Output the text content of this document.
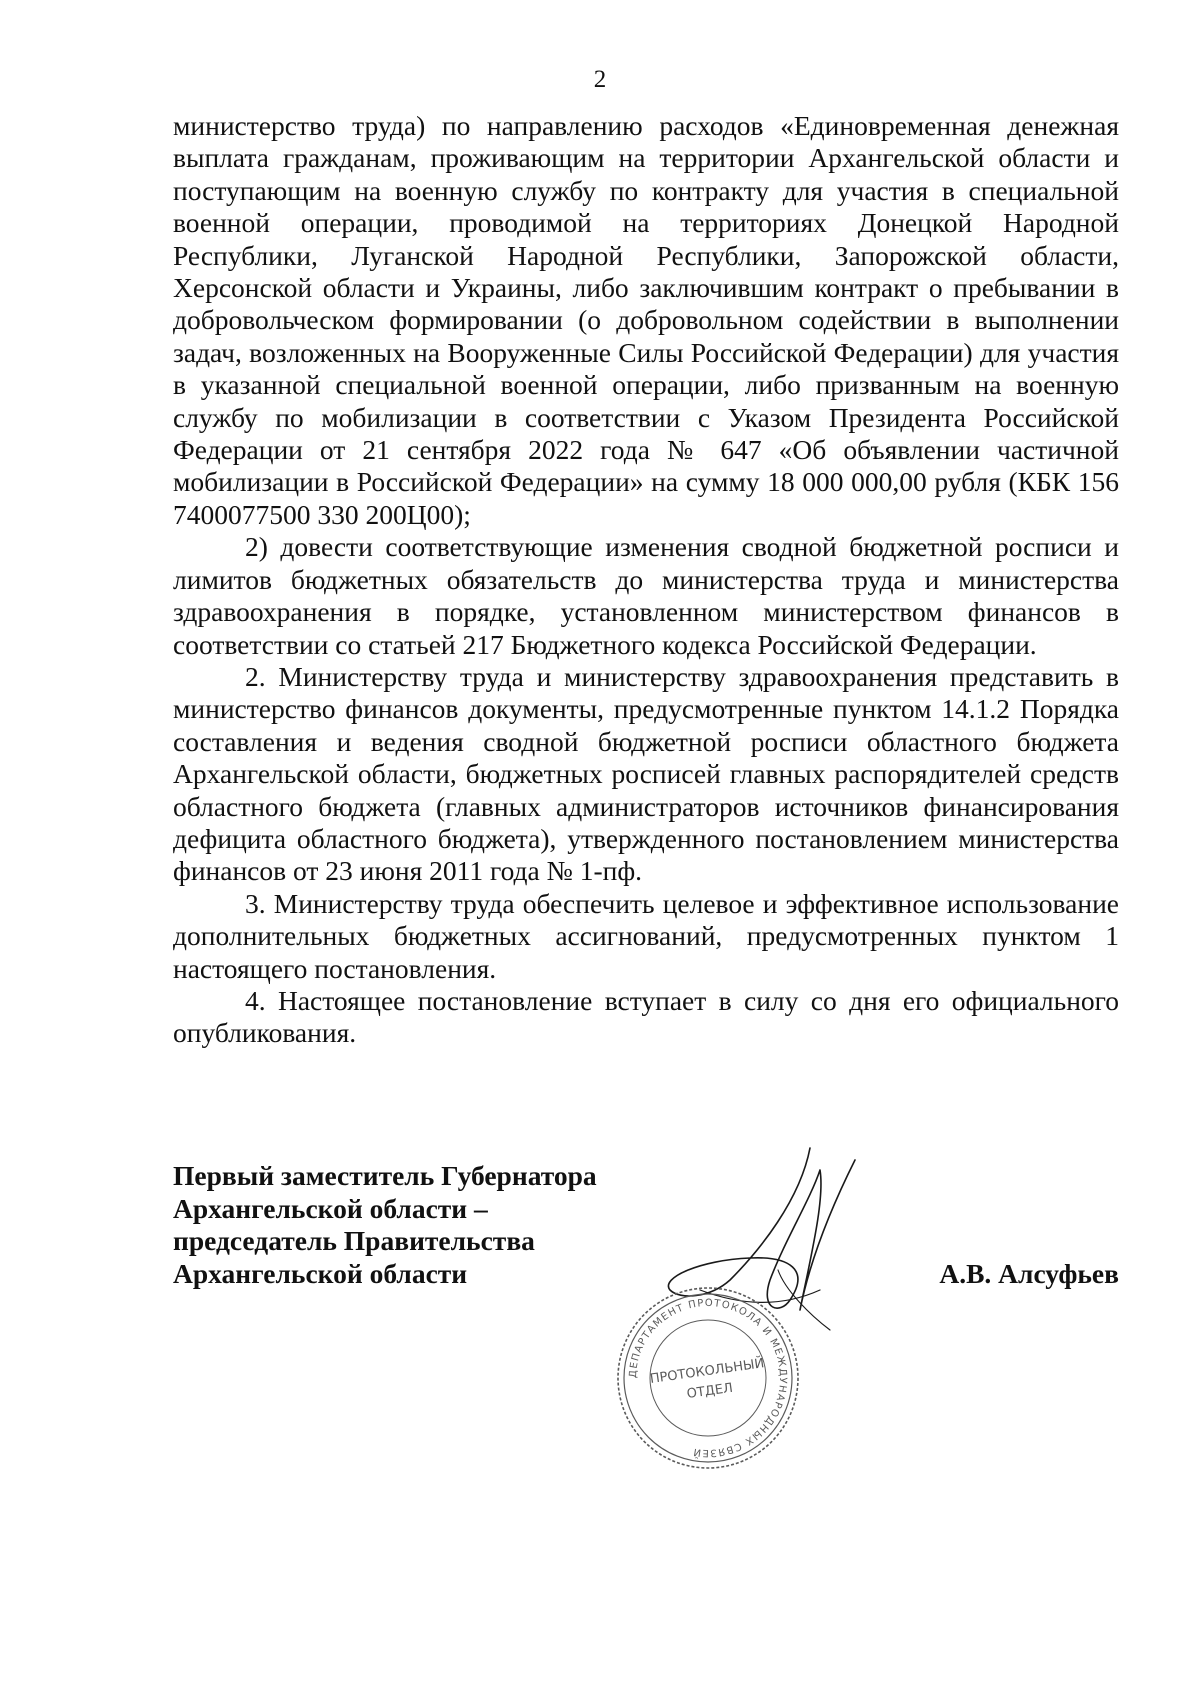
2

министерство труда) по направлению расходов «Единовременная денежная выплата гражданам, проживающим на территории Архангельской области и поступающим на военную службу по контракту для участия в специальной военной операции, проводимой на территориях Донецкой Народной Республики, Луганской Народной Республики, Запорожской области, Херсонской области и Украины, либо заключившим контракт о пребывании в добровольческом формировании (о добровольном содействии в выполнении задач, возложенных на Вооруженные Силы Российской Федерации) для участия в указанной специальной военной операции, либо призванным на военную службу по мобилизации в соответствии с Указом Президента Российской Федерации от 21 сентября 2022 года № 647 «Об объявлении частичной мобилизации в Российской Федерации» на сумму 18 000 000,00 рубля (КБК 156 7400077500 330 200Ц00);

2) довести соответствующие изменения сводной бюджетной росписи и лимитов бюджетных обязательств до министерства труда и министерства здравоохранения в порядке, установленном министерством финансов в соответствии со статьей 217 Бюджетного кодекса Российской Федерации.

2. Министерству труда и министерству здравоохранения представить в министерство финансов документы, предусмотренные пунктом 14.1.2 Порядка составления и ведения сводной бюджетной росписи областного бюджета Архангельской области, бюджетных росписей главных распорядителей средств областного бюджета (главных администраторов источников финансирования дефицита областного бюджета), утвержденного постановлением министерства финансов от 23 июня 2011 года № 1-пф.

3. Министерству труда обеспечить целевое и эффективное использование дополнительных бюджетных ассигнований, предусмотренных пунктом 1 настоящего постановления.

4. Настоящее постановление вступает в силу со дня его официального опубликования.

Первый заместитель Губернатора
Архангельской области –
председатель Правительства
Архангельской области	А.В. Алсуфьев
ДЕПАРТАМЕНТ ПРОТОКОЛА И МЕЖДУНАРОДНЫХ СВЯЗЕЙ
ПРОТОКОЛЬНЫЙ
ОТДЕЛ
